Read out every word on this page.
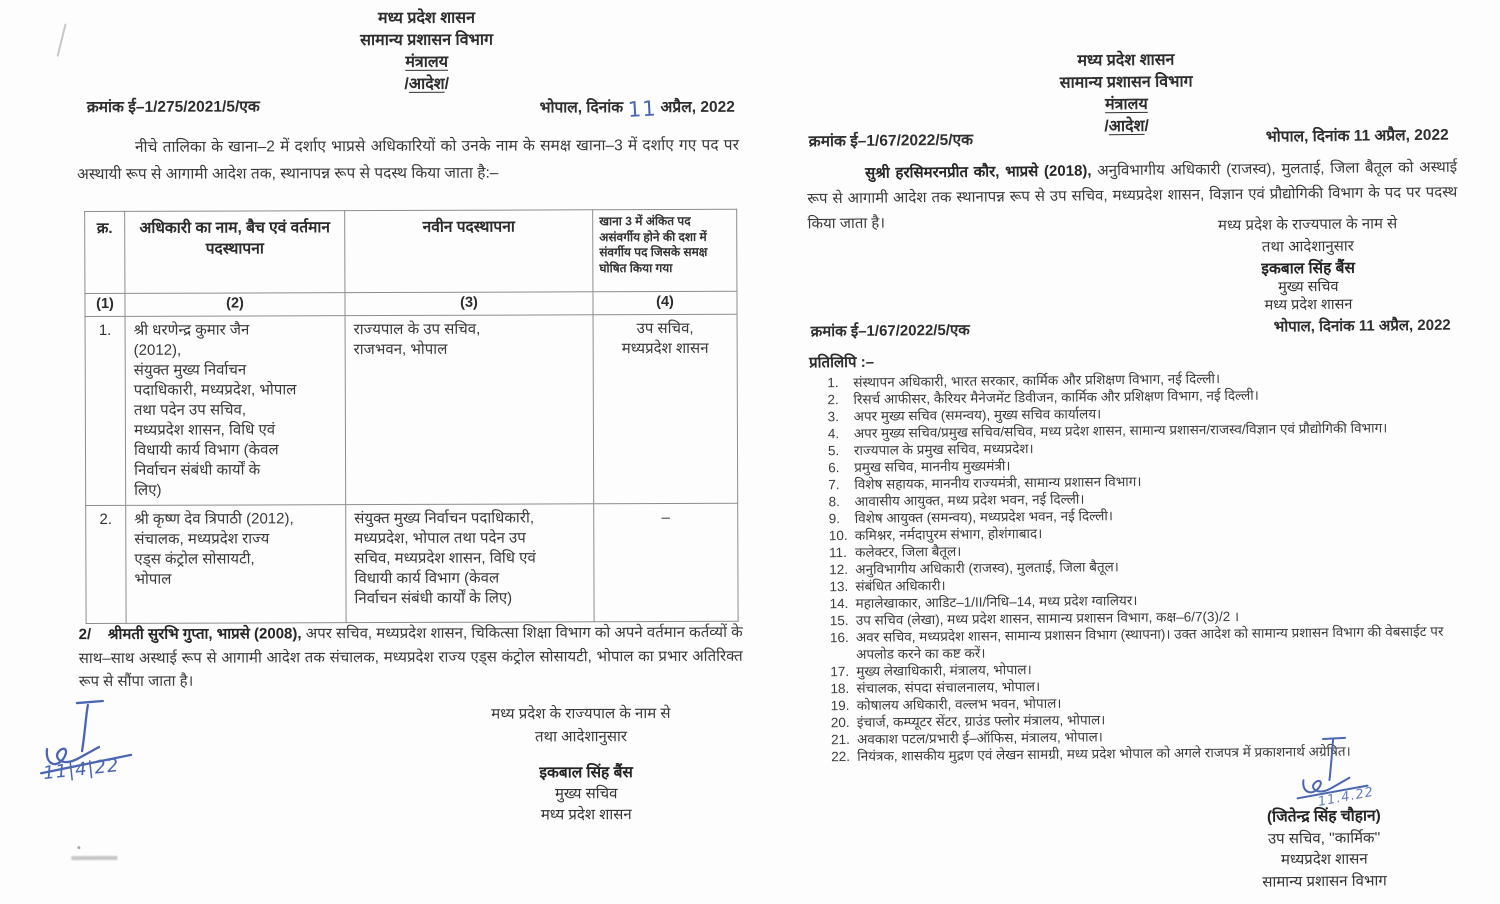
मध्य प्रदेश शासन
सामान्य प्रशासन विभाग
मंत्रालय
/आदेश/
क्रमांक ई–1/275/2021/5/एक	भोपाल, दिनांक 11 अप्रैल, 2022
नीचे तालिका के खाना–2 में दर्शाए भाप्रसे अधिकारियों को उनके नाम के समक्ष खाना–3 में दर्शाए गए पद पर अस्थायी रूप से आगामी आदेश तक, स्थानापन्न रूप से पदस्थ किया जाता है:–
क्र.	अधिकारी का नाम, बैच एवं वर्तमान पदस्थापना	नवीन पदस्थापना	खाना 3 में अंकित पद असंवर्गीय होने की दशा में संवर्गीय पद जिसके समक्ष घोषित किया गया
(1)	(2)	(3)	(4)
1.	श्री धरणेन्द्र कुमार जैन
(2012),
संयुक्त मुख्य निर्वाचन
पदाधिकारी, मध्यप्रदेश, भोपाल
तथा पदेन उप सचिव,
मध्यप्रदेश शासन, विधि एवं
विधायी कार्य विभाग (केवल
निर्वाचन संबंधी कार्यों के
लिए)	राज्यपाल के उप सचिव,
राजभवन, भोपाल	उप सचिव,
मध्यप्रदेश शासन
2.	श्री कृष्ण देव त्रिपाठी (2012),
संचालक, मध्यप्रदेश राज्य
एड्स कंट्रोल सोसायटी,
भोपाल	संयुक्त मुख्य निर्वाचन पदाधिकारी,
मध्यप्रदेश, भोपाल तथा पदेन उप
सचिव, मध्यप्रदेश शासन, विधि एवं
विधायी कार्य विभाग (केवल
निर्वाचन संबंधी कार्यों के लिए)	–
2/ श्रीमती सुरभि गुप्ता, भाप्रसे (2008), अपर सचिव, मध्यप्रदेश शासन, चिकित्सा शिक्षा विभाग को अपने वर्तमान कर्तव्यों के साथ–साथ अस्थाई रूप से आगामी आदेश तक संचालक, मध्यप्रदेश राज्य एड्स कंट्रोल सोसायटी, भोपाल का प्रभार अतिरिक्त रूप से सौंपा जाता है।
मध्य प्रदेश के राज्यपाल के नाम से
तथा आदेशानुसार
इकबाल सिंह बैंस
मुख्य सचिव
मध्य प्रदेश शासन
11|4|22
मध्य प्रदेश शासन
सामान्य प्रशासन विभाग
मंत्रालय
/आदेश/
क्रमांक ई–1/67/2022/5/एक	भोपाल, दिनांक 11 अप्रैल, 2022
सुश्री हरसिमरनप्रीत कौर, भाप्रसे (2018), अनुविभागीय अधिकारी (राजस्व), मुलताई, जिला बैतूल को अस्थाई रूप से आगामी आदेश तक स्थानापन्न रूप से उप सचिव, मध्यप्रदेश शासन, विज्ञान एवं प्रौद्योगिकी विभाग के पद पर पदस्थ किया जाता है।	मध्य प्रदेश के राज्यपाल के नाम से
तथा आदेशानुसार
इकबाल सिंह बैंस
मुख्य सचिव
मध्य प्रदेश शासन
क्रमांक ई–1/67/2022/5/एक	भोपाल, दिनांक 11 अप्रैल, 2022
प्रतिलिपि :–
1.	संस्थापन अधिकारी, भारत सरकार, कार्मिक और प्रशिक्षण विभाग, नई दिल्ली।
2.	रिसर्च आफीसर, कैरियर मैनेजमेंट डिवीजन, कार्मिक और प्रशिक्षण विभाग, नई दिल्ली।
3.	अपर मुख्य सचिव (समन्वय), मुख्य सचिव कार्यालय।
4.	अपर मुख्य सचिव/प्रमुख सचिव/सचिव, मध्य प्रदेश शासन, सामान्य प्रशासन/राजस्व/विज्ञान एवं प्रौद्योगिकी विभाग।
5.	राज्यपाल के प्रमुख सचिव, मध्यप्रदेश।
6.	प्रमुख सचिव, माननीय मुख्यमंत्री।
7.	विशेष सहायक, माननीय राज्यमंत्री, सामान्य प्रशासन विभाग।
8.	आवासीय आयुक्त, मध्य प्रदेश भवन, नई दिल्ली।
9.	विशेष आयुक्त (समन्वय), मध्यप्रदेश भवन, नई दिल्ली।
10. कमिश्नर, नर्मदापुरम संभाग, होशंगाबाद।
11. कलेक्टर, जिला बैतूल।
12. अनुविभागीय अधिकारी (राजस्व), मुलताई, जिला बैतूल।
13. संबंधित अधिकारी।
14. महालेखाकार, आडिट–1/II/निधि–14, मध्य प्रदेश ग्वालियर।
15. उप सचिव (लेखा), मध्य प्रदेश शासन, सामान्य प्रशासन विभाग, कक्ष–6/7(3)/2 ।
16. अवर सचिव, मध्यप्रदेश शासन, सामान्य प्रशासन विभाग (स्थापना)। उक्त आदेश को सामान्य प्रशासन विभाग की वेबसाईट पर अपलोड करने का कष्ट करें।
17. मुख्य लेखाधिकारी, मंत्रालय, भोपाल।
18. संचालक, संपदा संचालनालय, भोपाल।
19. कोषालय अधिकारी, वल्लभ भवन, भोपाल।
20. इंचार्ज, कम्प्यूटर सेंटर, ग्राउंड फ्लोर मंत्रालय, भोपाल।
21. अवकाश पटल/प्रभारी ई–ऑफिस, मंत्रालय, भोपाल।
22. नियंत्रक, शासकीय मुद्रण एवं लेखन सामग्री, मध्य प्रदेश भोपाल को अगले राजपत्र में प्रकाशनार्थ अग्रेषित।
11.4.22
(जितेन्द्र सिंह चौहान)
उप सचिव, ''कार्मिक''
मध्यप्रदेश शासन
सामान्य प्रशासन विभाग
